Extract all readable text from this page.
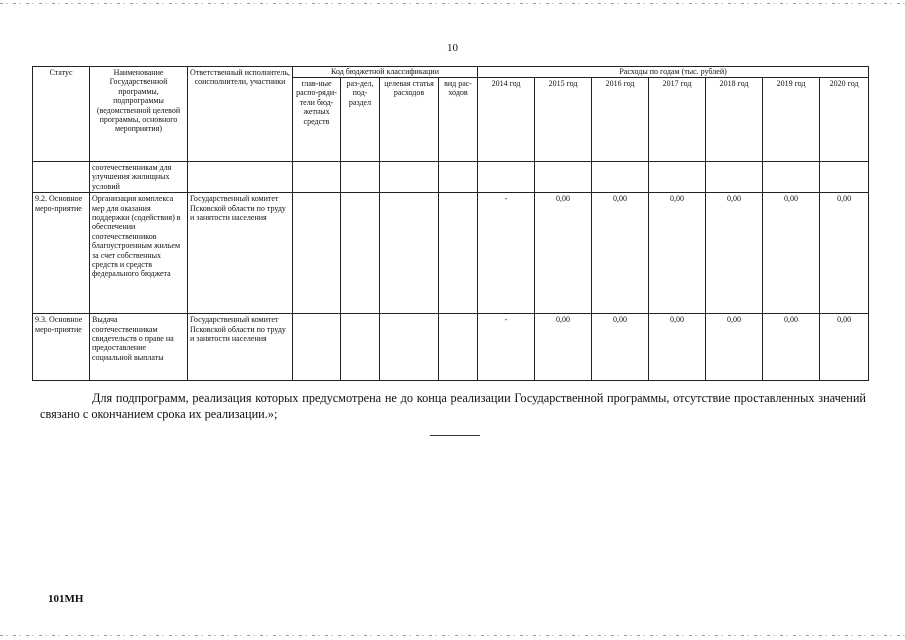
10
Статус	Наименование Государственной программы, подпрограммы (ведомственной целевой программы, основного мероприятия)	Ответственный исполнитель, соисполнители, участники	Код бюджетной классификации				Расходы по годам (тыс. рублей)						
			глав-ные распо-ряди-тели бюд-жетных средств	раз-дел, под-раздел	целевая статья расходов	вид рас-ходов	2014 год	2015 год	2016 год	2017 год	2018 год	2019 год	2020 год
	соотечественникам для улучшения жилищных условий												
9.2. Основное меро-приятие	Организация комплекса мер для оказания поддержки (содействия) в обеспечении соотечественников благоустроенным жильем за счет собственных средств и средств федерального бюджета	Государственный комитет Псковской области по труду и занятости населения					-	0,00	0,00	0,00	0,00	0,00	0,00
9.3. Основное меро-приятие	Выдача соотечественникам свидетельств о праве на предоставление социальной выплаты	Государственный комитет Псковской области по труду и занятости населения					-	0,00	0,00	0,00	0,00	0,00	0,00
Для подпрограмм, реализация которых предусмотрена не до конца реализации Государственной программы, отсутствие проставленных значений связано с окончанием срока их реализации.»;
101МН
